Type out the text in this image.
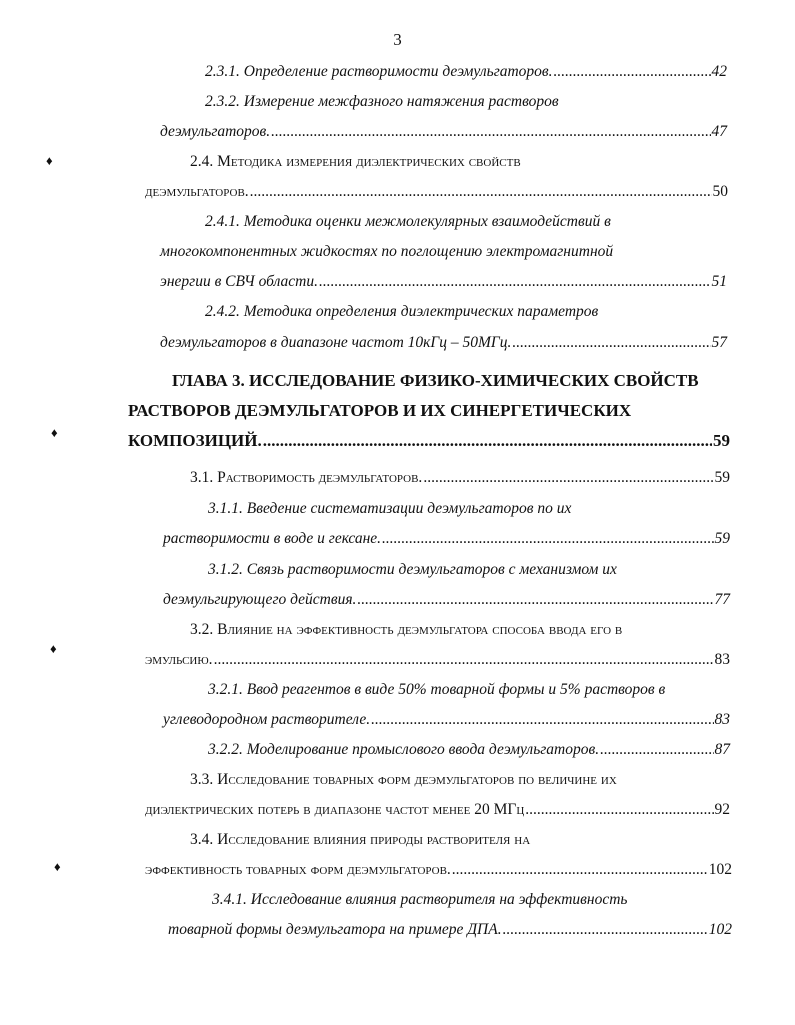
3
2.3.1. Определение растворимости деэмульгаторов. .....	42
2.3.2. Измерение межфазного натяжения растворов
деэмульгаторов. .....	47
2.4. Методика измерения диэлектрических свойств
деэмульгаторов. .....	50
2.4.1. Методика оценки межмолекулярных взаимодействий в
многокомпонентных жидкостях по поглощению электромагнитной
энергии в СВЧ области. .....	51
2.4.2. Методика определения диэлектрических параметров
деэмульгаторов в диапазоне частот 10кГц – 50МГц. .....	57
ГЛАВА 3. ИССЛЕДОВАНИЕ ФИЗИКО-ХИМИЧЕСКИХ СВОЙСТВ
РАСТВОРОВ ДЕЭМУЛЬГАТОРОВ И ИХ СИНЕРГЕТИЧЕСКИХ
КОМПОЗИЦИЙ. .....	59
3.1. Растворимость деэмульгаторов. .....	59
3.1.1. Введение систематизации деэмульгаторов по их
растворимости в воде и гексане. .....	59
3.1.2. Связь растворимости деэмульгаторов с механизмом их
деэмульгирующего действия. .....	77
3.2. Влияние на эффективность деэмульгатора способа ввода его в
эмульсию. .....	83
3.2.1. Ввод реагентов в виде 50% товарной формы и 5% растворов в
углеводородном растворителе. .....	83
3.2.2. Моделирование промыслового ввода деэмульгаторов. .....	87
3.3. Исследование товарных форм деэмульгаторов по величине их
диэлектрических потерь в диапазоне частот менее 20 МГц .....	92
3.4. Исследование влияния природы растворителя на
эффективность товарных форм деэмульгаторов. .....	102
3.4.1. Исследование влияния растворителя на эффективность
товарной формы деэмульгатора на примере ДПА. .....	102
♦
♦
♦
♦
